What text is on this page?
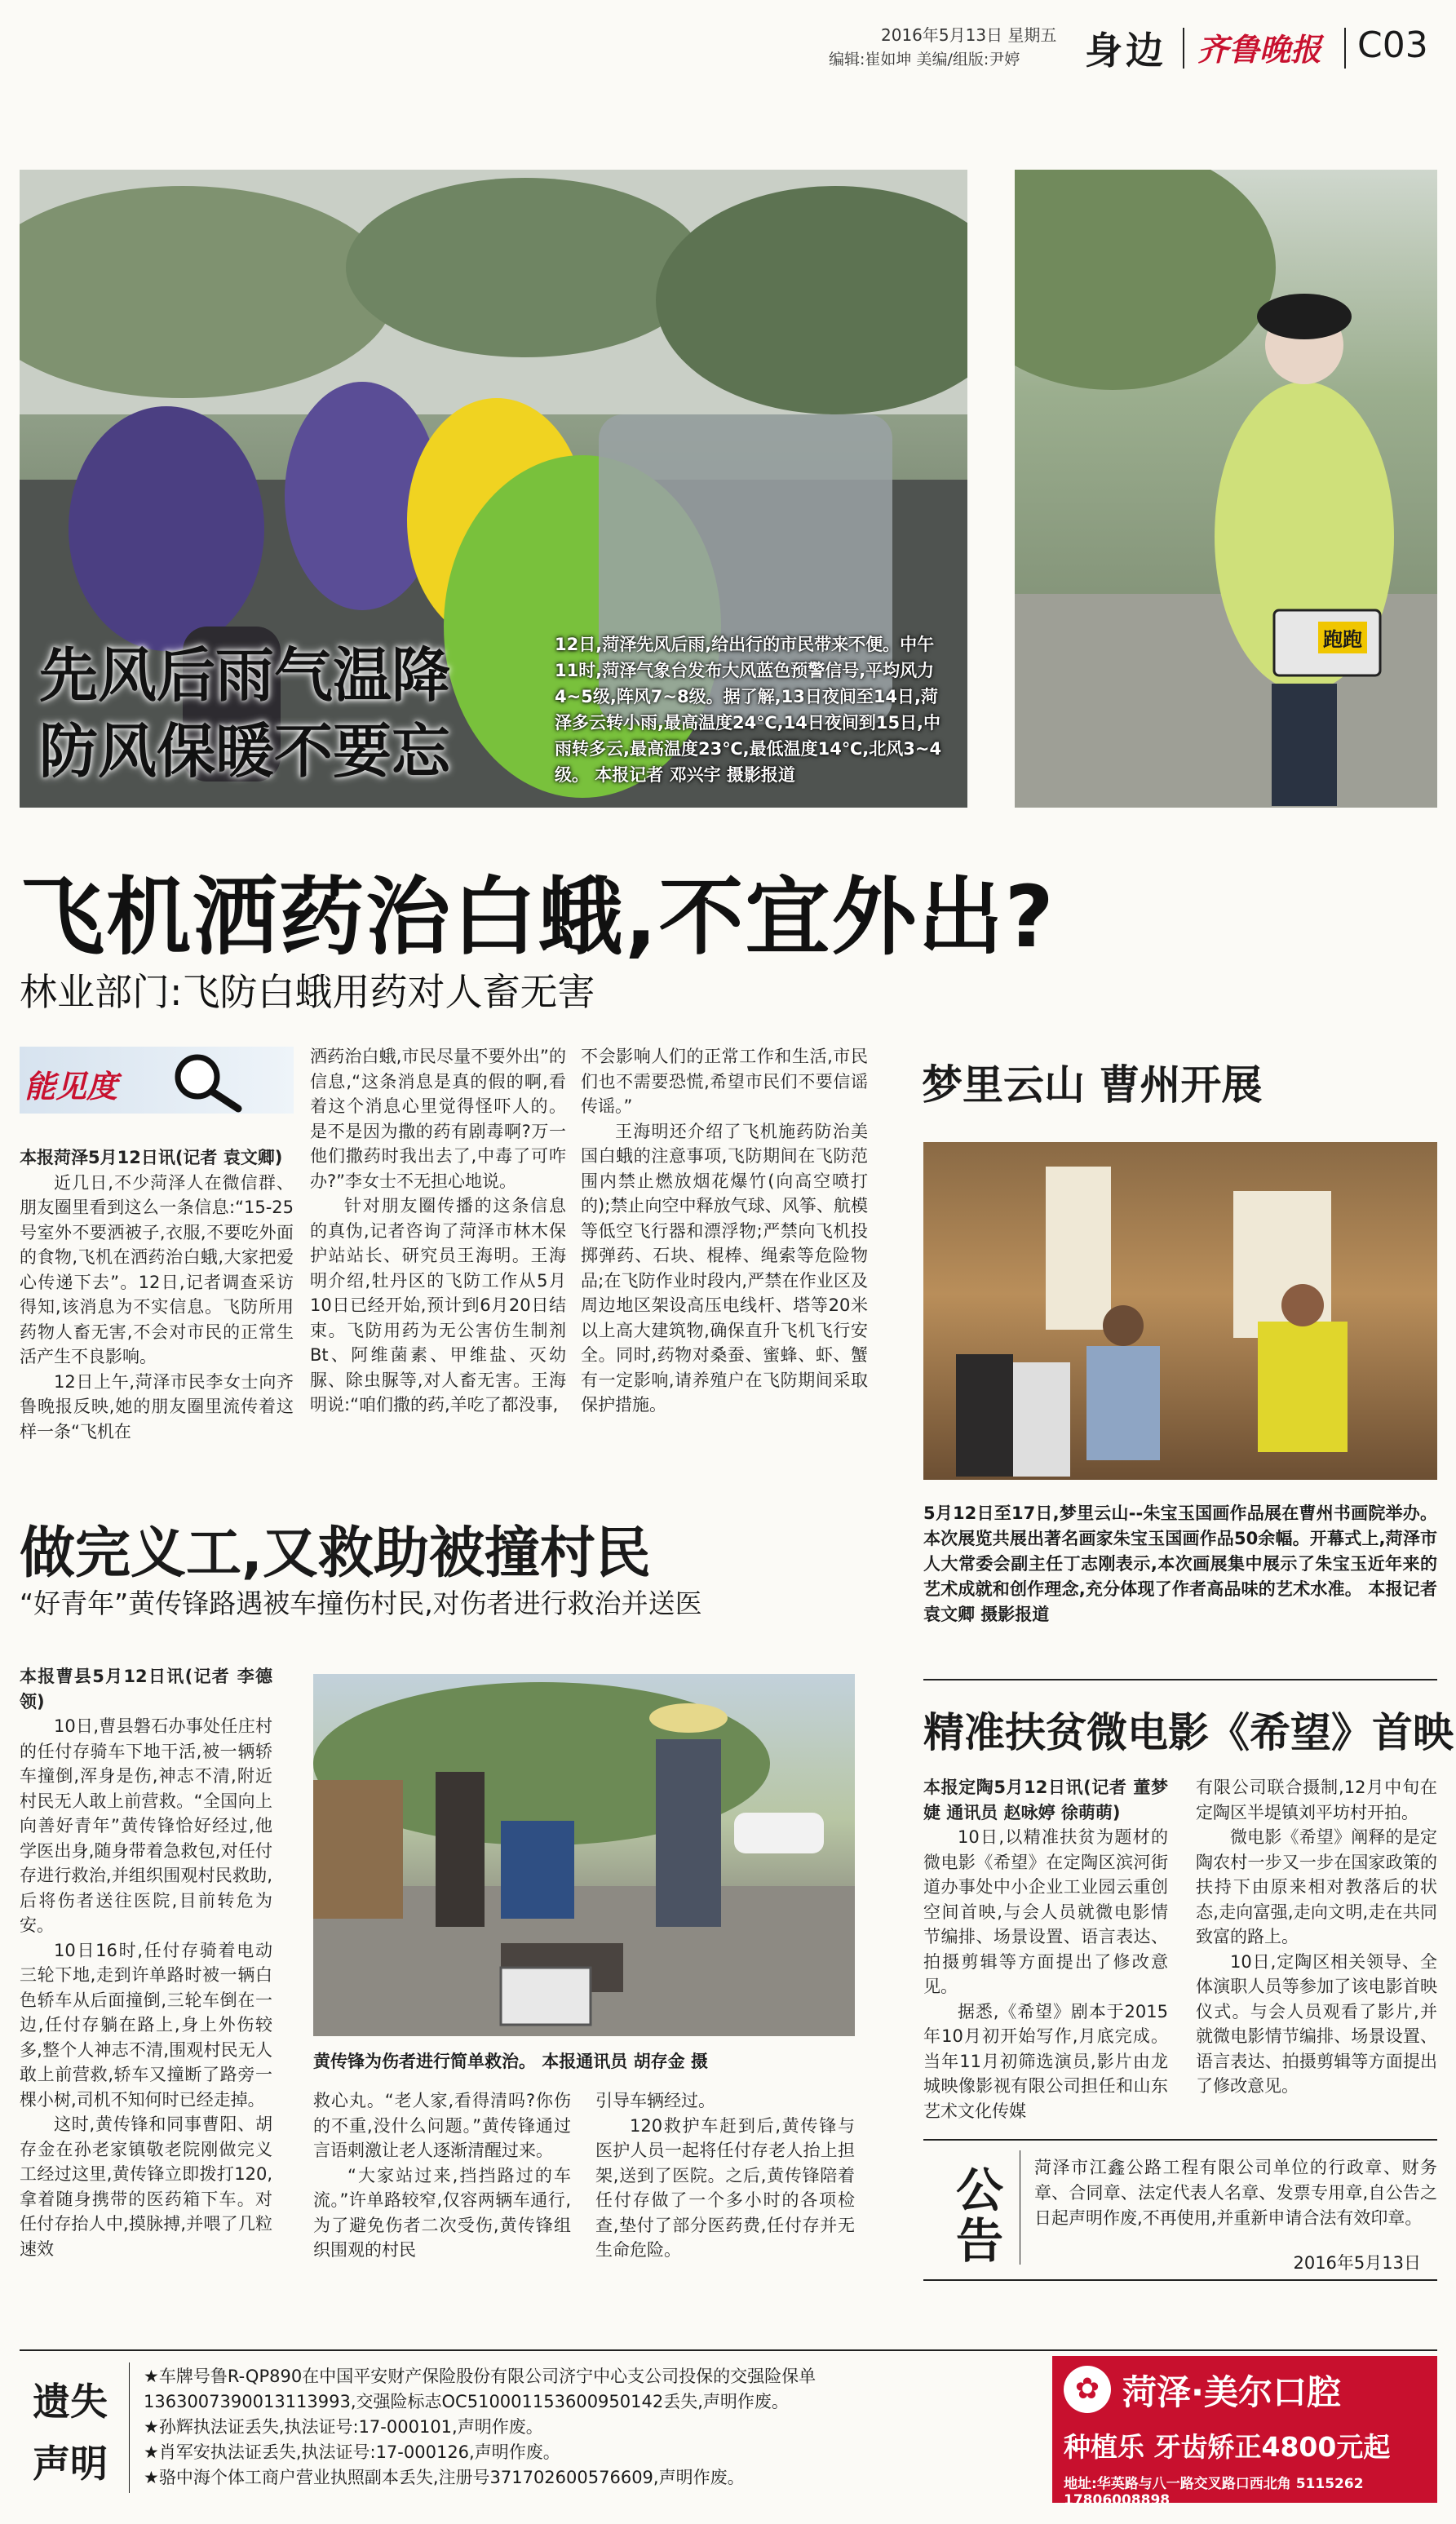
2016年5月13日 星期五
编辑:崔如坤 美编/组版:尹婷 身边 齐鲁晚报 C03
先风后雨气温降
防风保暖不要忘
12日,菏泽先风后雨,给出行的市民带来不便。中午11时,菏泽气象台发布大风蓝色预警信号,平均风力4~5级,阵风7~8级。据了解,13日夜间至14日,菏泽多云转小雨,最高温度24℃,14日夜间到15日,中雨转多云,最高温度23℃,最低温度14℃,北风3~4级。 本报记者 邓兴宇 摄影报道
跑跑
飞机洒药治白蛾,不宜外出?
林业部门:飞防白蛾用药对人畜无害
能见度
本报菏泽5月12日讯(记者 袁文卿)

近几日,不少菏泽人在微信群、朋友圈里看到这么一条信息:“15-25号室外不要洒被子,衣服,不要吃外面的食物,飞机在洒药治白蛾,大家把爱心传递下去”。12日,记者调查采访得知,该消息为不实信息。飞防所用药物人畜无害,不会对市民的正常生活产生不良影响。

12日上午,菏泽市民李女士向齐鲁晚报反映,她的朋友圈里流传着这样一条“飞机在

洒药治白蛾,市民尽量不要外出”的信息,“这条消息是真的假的啊,看着这个消息心里觉得怪吓人的。是不是因为撒的药有剧毒啊?万一他们撒药时我出去了,中毒了可咋办?”李女士不无担心地说。

针对朋友圈传播的这条信息的真伪,记者咨询了菏泽市林木保护站站长、研究员王海明。王海明介绍,牡丹区的飞防工作从5月10日已经开始,预计到6月20日结束。飞防用药为无公害仿生制剂Bt、阿维菌素、甲维盐、灭幼脲、除虫脲等,对人畜无害。王海明说:“咱们撒的药,羊吃了都没事,

不会影响人们的正常工作和生活,市民们也不需要恐慌,希望市民们不要信谣传谣。”

王海明还介绍了飞机施药防治美国白蛾的注意事项,飞防期间在飞防范围内禁止燃放烟花爆竹(向高空喷打的);禁止向空中释放气球、风筝、航模等低空飞行器和漂浮物;严禁向飞机投掷弹药、石块、棍棒、绳索等危险物品;在飞防作业时段内,严禁在作业区及周边地区架设高压电线杆、塔等20米以上高大建筑物,确保直升飞机飞行安全。同时,药物对桑蚕、蜜蜂、虾、蟹有一定影响,请养殖户在飞防期间采取保护措施。

梦里云山 曹州开展
5月12日至17日,梦里云山--朱宝玉国画作品展在曹州书画院举办。本次展览共展出著名画家朱宝玉国画作品50余幅。开幕式上,菏泽市人大常委会副主任丁志刚表示,本次画展集中展示了朱宝玉近年来的艺术成就和创作理念,充分体现了作者高品味的艺术水准。 本报记者 袁文卿 摄影报道
做完义工,又救助被撞村民
“好青年”黄传锋路遇被车撞伤村民,对伤者进行救治并送医
本报曹县5月12日讯(记者 李德领)

10日,曹县磐石办事处任庄村的任付存骑车下地干活,被一辆轿车撞倒,浑身是伤,神志不清,附近村民无人敢上前营救。“全国向上向善好青年”黄传锋恰好经过,他学医出身,随身带着急救包,对任付存进行救治,并组织围观村民救助,后将伤者送往医院,目前转危为安。

10日16时,任付存骑着电动三轮下地,走到许单路时被一辆白色轿车从后面撞倒,三轮车倒在一边,任付存躺在路上,身上外伤较多,整个人神志不清,围观村民无人敢上前营救,轿车又撞断了路旁一棵小树,司机不知何时已经走掉。

这时,黄传锋和同事曹阳、胡存金在孙老家镇敬老院刚做完义工经过这里,黄传锋立即拨打120,拿着随身携带的医药箱下车。对任付存抬人中,摸脉搏,并喂了几粒速效

黄传锋为伤者进行简单救治。 本报通讯员 胡存金 摄

救心丸。“老人家,看得清吗?你伤的不重,没什么问题。”黄传锋通过言语刺激让老人逐渐清醒过来。

“大家站过来,挡挡路过的车流。”许单路较窄,仅容两辆车通行,为了避免伤者二次受伤,黄传锋组织围观的村民

引导车辆经过。

120救护车赶到后,黄传锋与医护人员一起将任付存老人抬上担架,送到了医院。之后,黄传锋陪着任付存做了一个多小时的各项检查,垫付了部分医药费,任付存并无生命危险。

精准扶贫微电影《希望》首映
本报定陶5月12日讯(记者 董梦婕 通讯员 赵咏婷 徐萌萌)

10日,以精准扶贫为题材的微电影《希望》在定陶区滨河街道办事处中小企业工业园云重创空间首映,与会人员就微电影情节编排、场景设置、语言表达、拍摄剪辑等方面提出了修改意见。

据悉,《希望》剧本于2015年10月初开始写作,月底完成。当年11月初筛选演员,影片由龙城映像影视有限公司担任和山东艺术文化传媒

有限公司联合摄制,12月中旬在定陶区半堤镇刘平坊村开拍。

微电影《希望》阐释的是定陶农村一步又一步在国家政策的扶持下由原来相对教落后的状态,走向富强,走向文明,走在共同致富的路上。

10日,定陶区相关领导、全体演职人员等参加了该电影首映仪式。与会人员观看了影片,并就微电影情节编排、场景设置、语言表达、拍摄剪辑等方面提出了修改意见。

公告
菏泽市江鑫公路工程有限公司单位的行政章、财务章、合同章、法定代表人名章、发票专用章,自公告之日起声明作废,不再使用,并重新申请合法有效印章。
2016年5月13日
遗失
声明
★车牌号鲁R-QP890在中国平安财产保险股份有限公司济宁中心支公司投保的交强险保单1363007390013113993,交强险标志OC5100011536009501​42丢失,声明作废。
★孙辉执法证丢失,执法证号:17-000101,声明作废。
★肖军安执法证丢失,执法证号:17-000126,声明作废。
★骆中海个体工商户营业执照副本丢失,注册号371702600576609,声明作废。
✿ 菏泽·美尔口腔
种植乐 牙齿矫正4800元起
地址:华英路与八一路交叉路口西北角 5115262 17806008898
